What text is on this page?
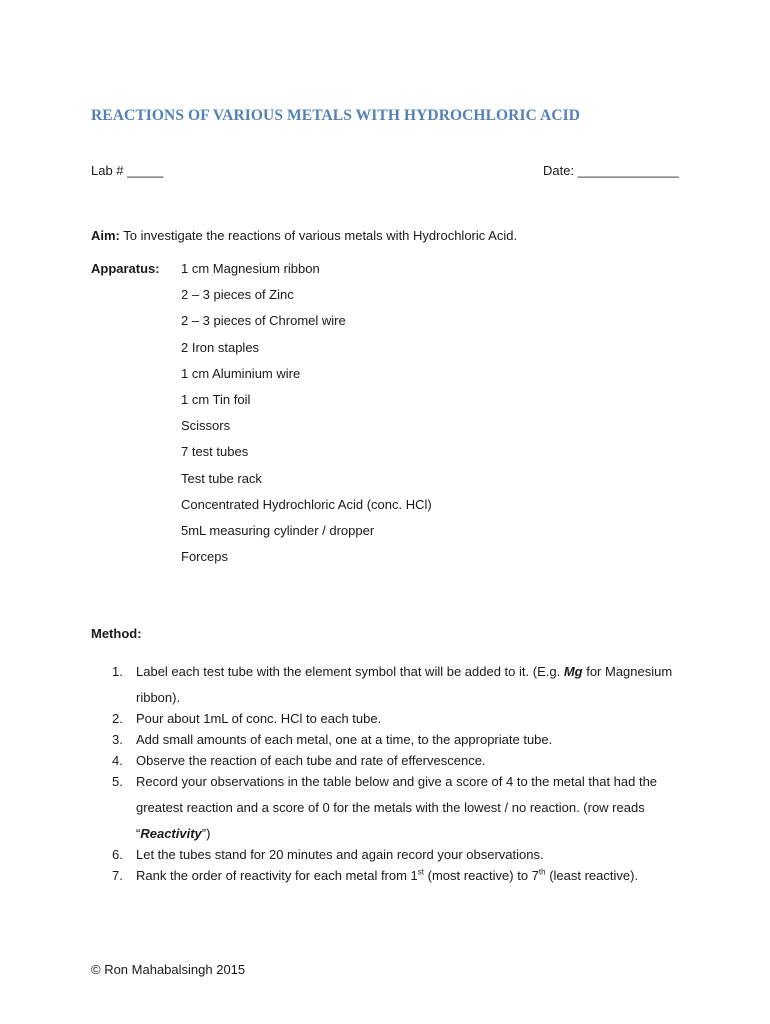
REACTIONS OF VARIOUS METALS WITH HYDROCHLORIC ACID
Lab # _____	Date: ______________
Aim: To investigate the reactions of various metals with Hydrochloric Acid.
Apparatus: 1 cm Magnesium ribbon
2 – 3 pieces of Zinc
2 – 3 pieces of Chromel wire
2 Iron staples
1 cm Aluminium wire
1 cm Tin foil
Scissors
7 test tubes
Test tube rack
Concentrated Hydrochloric Acid (conc. HCl)
5mL measuring cylinder / dropper
Forceps
Method:
1. Label each test tube with the element symbol that will be added to it. (E.g. Mg for Magnesium ribbon).
2. Pour about 1mL of conc. HCl to each tube.
3. Add small amounts of each metal, one at a time, to the appropriate tube.
4. Observe the reaction of each tube and rate of effervescence.
5. Record your observations in the table below and give a score of 4 to the metal that had the greatest reaction and a score of 0 for the metals with the lowest / no reaction. (row reads “Reactivity”)
6. Let the tubes stand for 20 minutes and again record your observations.
7. Rank the order of reactivity for each metal from 1st (most reactive) to 7th (least reactive).
© Ron Mahabalsingh 2015
